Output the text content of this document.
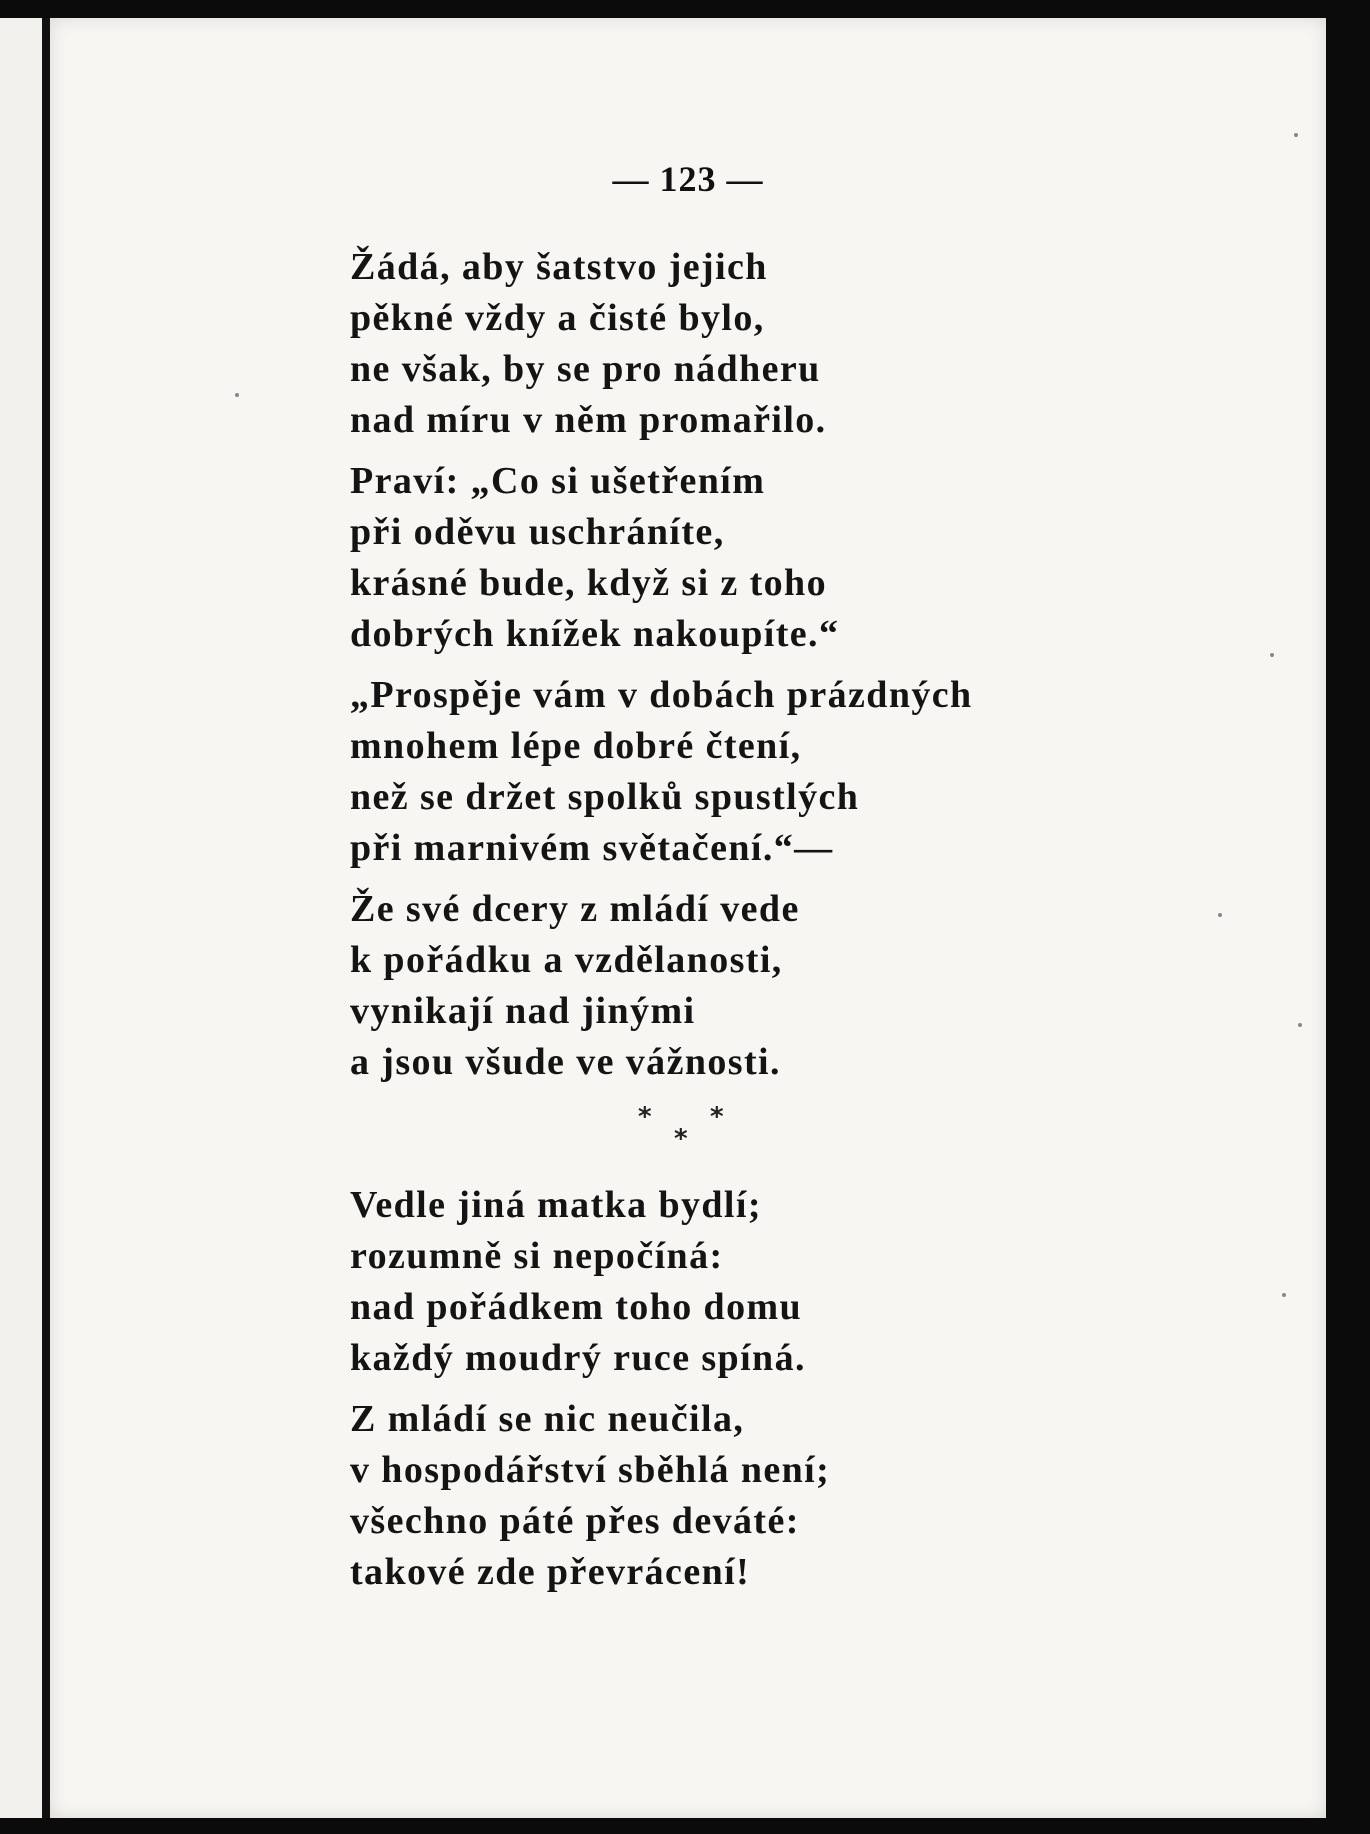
— 123 —
Žádá, aby šatstvo jejich
pěkné vždy a čisté bylo,
ne však, by se pro nádheru
nad míru v něm promařilo.
Praví: „Co si ušetřením
při oděvu uschráníte,
krásné bude, když si z toho
dobrých knížek nakoupíte.“
„Prospěje vám v dobách prázdných
mnohem lépe dobré čtení,
než se držet spolků spustlých
při marnivém světačení.“—
Že své dcery z mládí vede
k pořádku a vzdělanosti,
vynikají nad jinými
a jsou všude ve vážnosti.
* *
*
Vedle jiná matka bydlí;
rozumně si nepočíná:
nad pořádkem toho domu
každý moudrý ruce spíná.
Z mládí se nic neučila,
v hospodářství sběhlá není;
všechno páté přes deváté:
takové zde převrácení!
